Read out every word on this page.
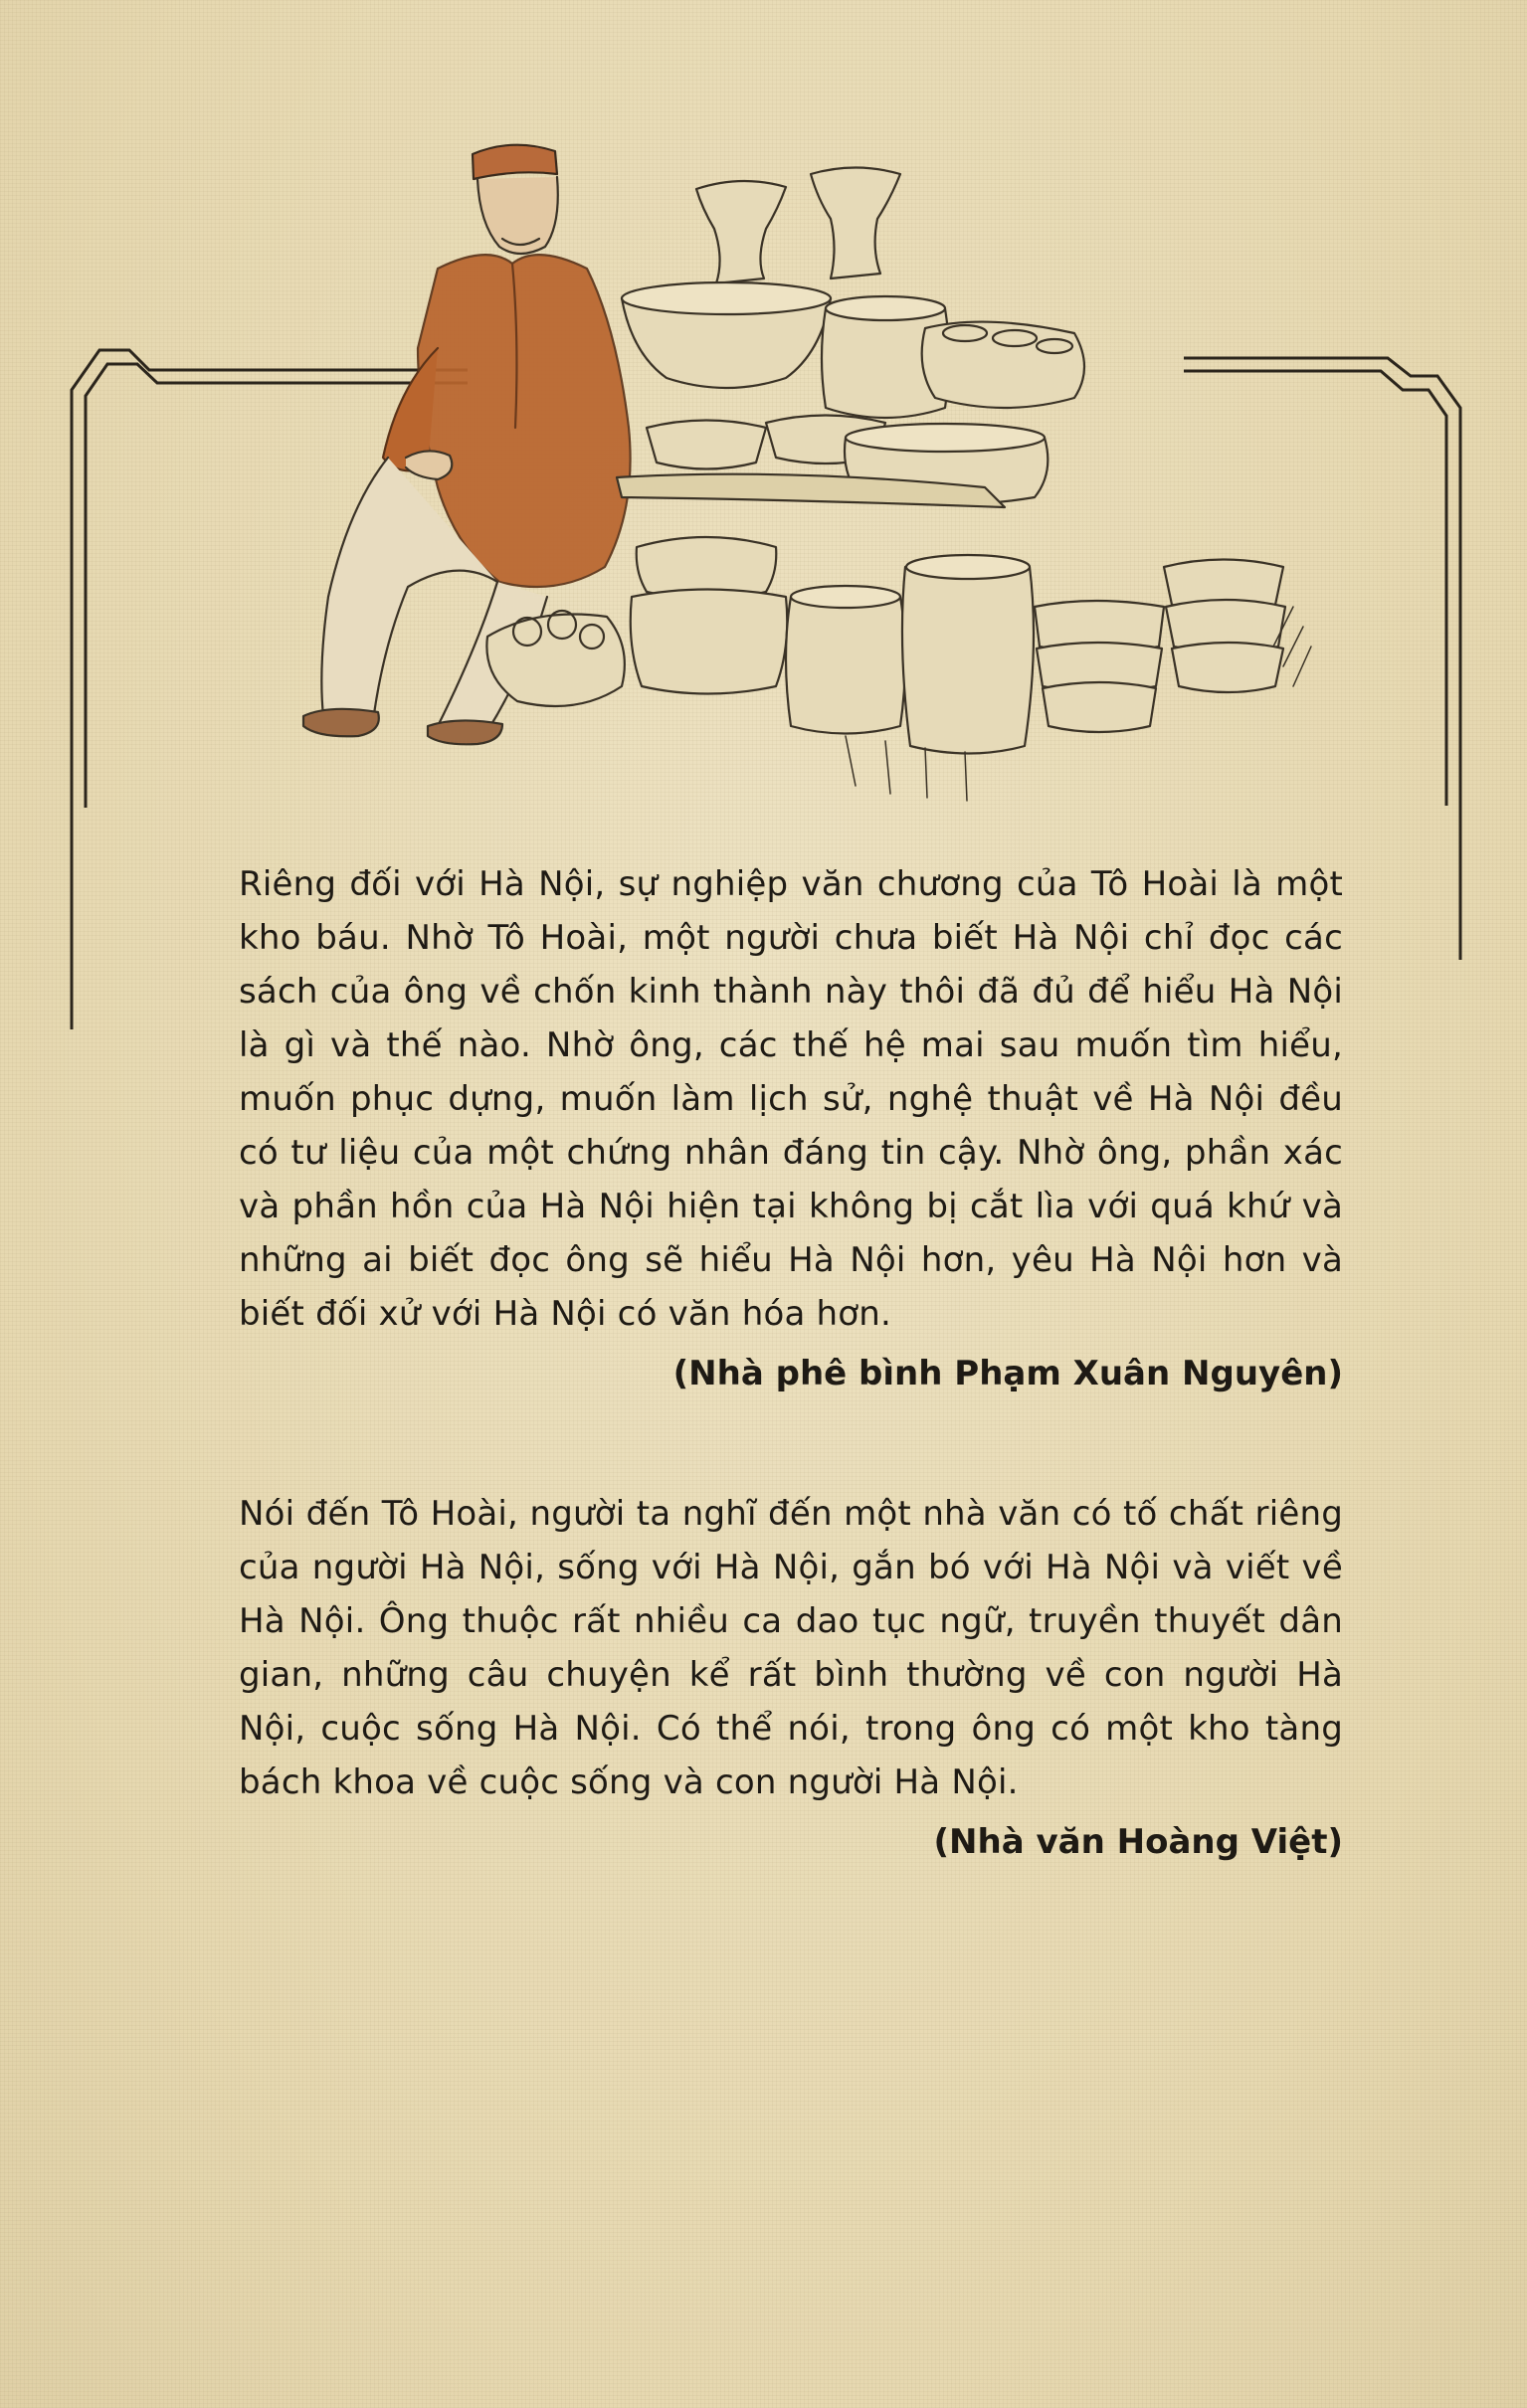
Riêng đối với Hà Nội, sự nghiệp văn chương của Tô Hoài là một kho báu. Nhờ Tô Hoài, một người chưa biết Hà Nội chỉ đọc các sách của ông về chốn kinh thành này thôi đã đủ để hiểu Hà Nội là gì và thế nào. Nhờ ông, các thế hệ mai sau muốn tìm hiểu, muốn phục dựng, muốn làm lịch sử, nghệ thuật về Hà Nội đều có tư liệu của một chứng nhân đáng tin cậy. Nhờ ông, phần xác và phần hồn của Hà Nội hiện tại không bị cắt lìa với quá khứ và những ai biết đọc ông sẽ hiểu Hà Nội hơn, yêu Hà Nội hơn và biết đối xử với Hà Nội có văn hóa hơn.

(Nhà phê bình Phạm Xuân Nguyên)

Nói đến Tô Hoài, người ta nghĩ đến một nhà văn có tố chất riêng của người Hà Nội, sống với Hà Nội, gắn bó với Hà Nội và viết về Hà Nội. Ông thuộc rất nhiều ca dao tục ngữ, truyền thuyết dân gian, những câu chuyện kể rất bình thường về con người Hà Nội, cuộc sống Hà Nội. Có thể nói, trong ông có một kho tàng bách khoa về cuộc sống và con người Hà Nội.

(Nhà văn Hoàng Việt)
